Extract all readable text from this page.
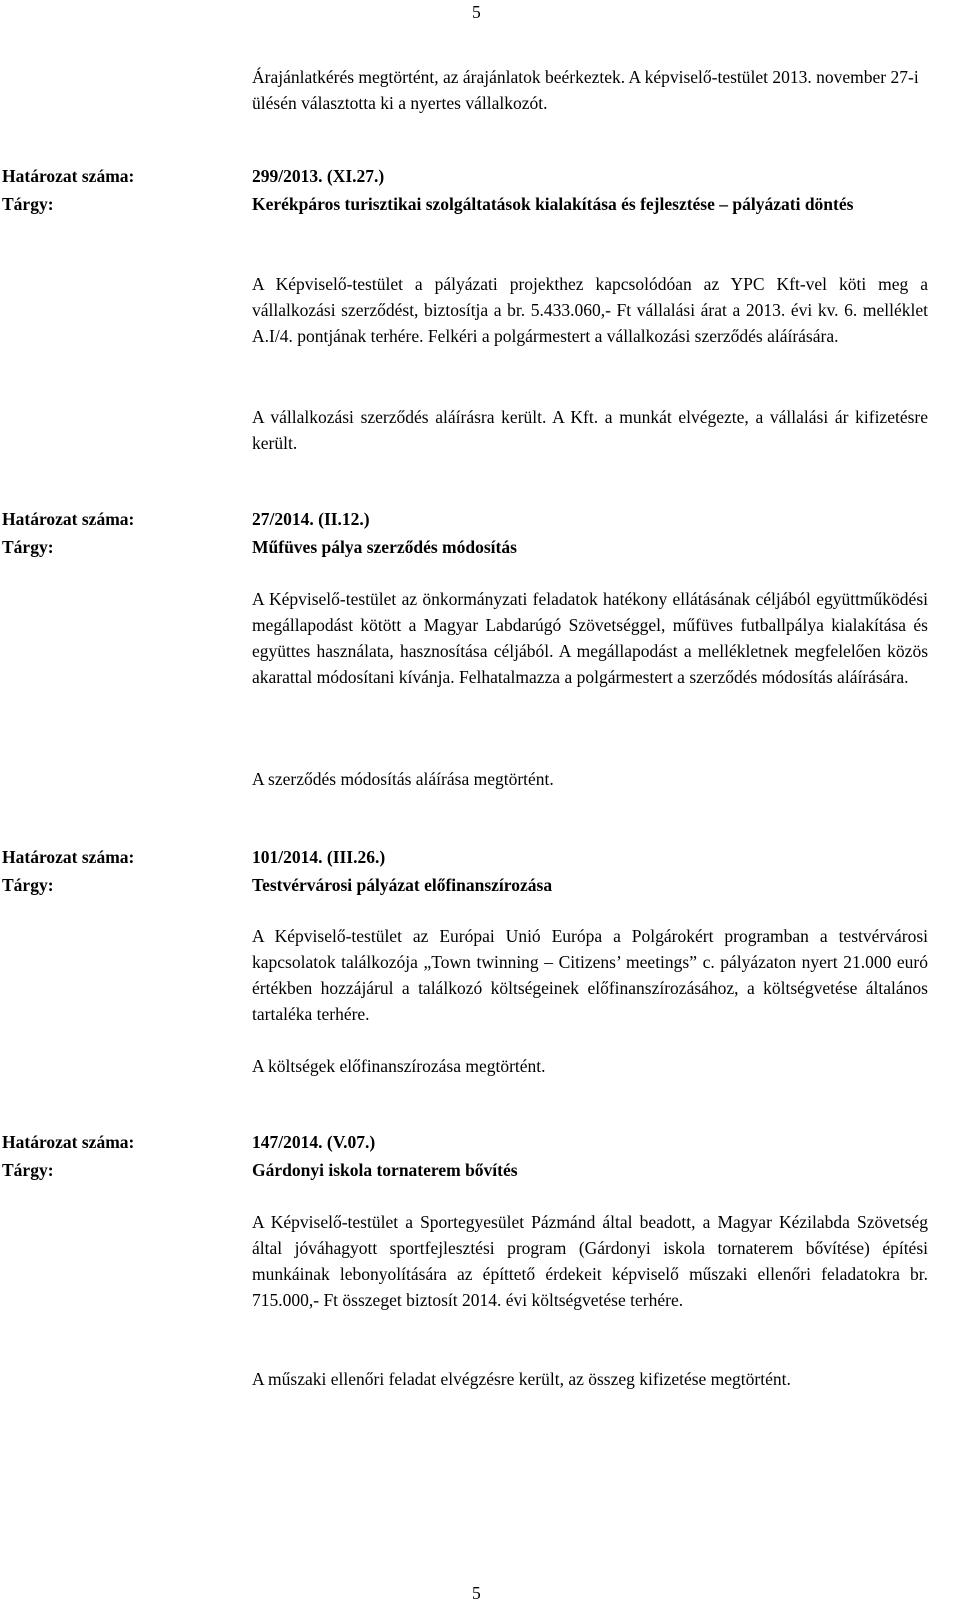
5
Árajánlatkérés megtörtént, az árajánlatok beérkeztek. A képviselő-testület 2013. november 27-i ülésén választotta ki a nyertes vállalkozót.
Határozat száma:	299/2013. (XI.27.)
Tárgy:	Kerékpáros turisztikai szolgáltatások kialakítása és fejlesztése – pályázati döntés
A Képviselő-testület a pályázati projekthez kapcsolódóan az YPC Kft-vel köti meg a vállalkozási szerződést, biztosítja a br. 5.433.060,- Ft vállalási árat a 2013. évi kv. 6. melléklet A.I/4. pontjának terhére. Felkéri a polgármestert a vállalkozási szerződés aláírására.
A vállalkozási szerződés aláírásra került. A Kft. a munkát elvégezte, a vállalási ár kifizetésre került.
Határozat száma:	27/2014. (II.12.)
Tárgy:	Műfüves pálya szerződés módosítás
A Képviselő-testület az önkormányzati feladatok hatékony ellátásának céljából együttműködési megállapodást kötött a Magyar Labdarúgó Szövetséggel, műfüves futballpálya kialakítása és együttes használata, hasznosítása céljából. A megállapodást a mellékletnek megfelelően közös akarattal módosítani kívánja. Felhatalmazza a polgármestert a szerződés módosítás aláírására.
A szerződés módosítás aláírása megtörtént.
Határozat száma:	101/2014. (III.26.)
Tárgy:	Testvérvárosi pályázat előfinanszírozása
A Képviselő-testület az Európai Unió Európa a Polgárokért programban a testvérvárosi kapcsolatok találkozója „Town twinning – Citizens’ meetings” c. pályázaton nyert 21.000 euró értékben hozzájárul a találkozó költségeinek előfinanszírozásához, a költségvetése általános tartaléka terhére.
A költségek előfinanszírozása megtörtént.
Határozat száma:	147/2014. (V.07.)
Tárgy:	Gárdonyi iskola tornaterem bővítés
A Képviselő-testület a Sportegyesület Pázmánd által beadott, a Magyar Kézilabda Szövetség által jóváhagyott sportfejlesztési program (Gárdonyi iskola tornaterem bővítése) építési munkáinak lebonyolítására az építtető érdekeit képviselő műszaki ellenőri feladatokra br. 715.000,- Ft összeget biztosít 2014. évi költségvetése terhére.
A műszaki ellenőri feladat elvégzésre került, az összeg kifizetése megtörtént.
5
